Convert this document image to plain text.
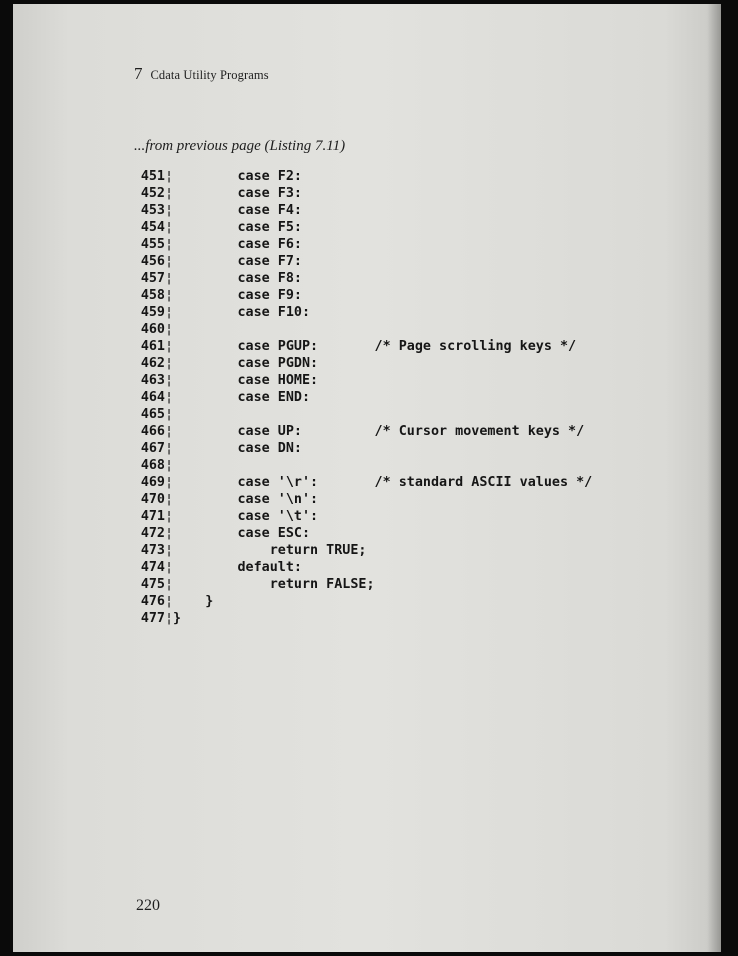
7 Cdata Utility Programs
...from previous page (Listing 7.11)
451¦        case F2:
452¦        case F3:
453¦        case F4:
454¦        case F5:
455¦        case F6:
456¦        case F7:
457¦        case F8:
458¦        case F9:
459¦        case F10:
460¦
461¦        case PGUP:       /* Page scrolling keys */
462¦        case PGDN:
463¦        case HOME:
464¦        case END:
465¦
466¦        case UP:         /* Cursor movement keys */
467¦        case DN:
468¦
469¦        case '\r':       /* standard ASCII values */
470¦        case '\n':
471¦        case '\t':
472¦        case ESC:
473¦            return TRUE;
474¦        default:
475¦            return FALSE;
476¦    }
477¦}
220
